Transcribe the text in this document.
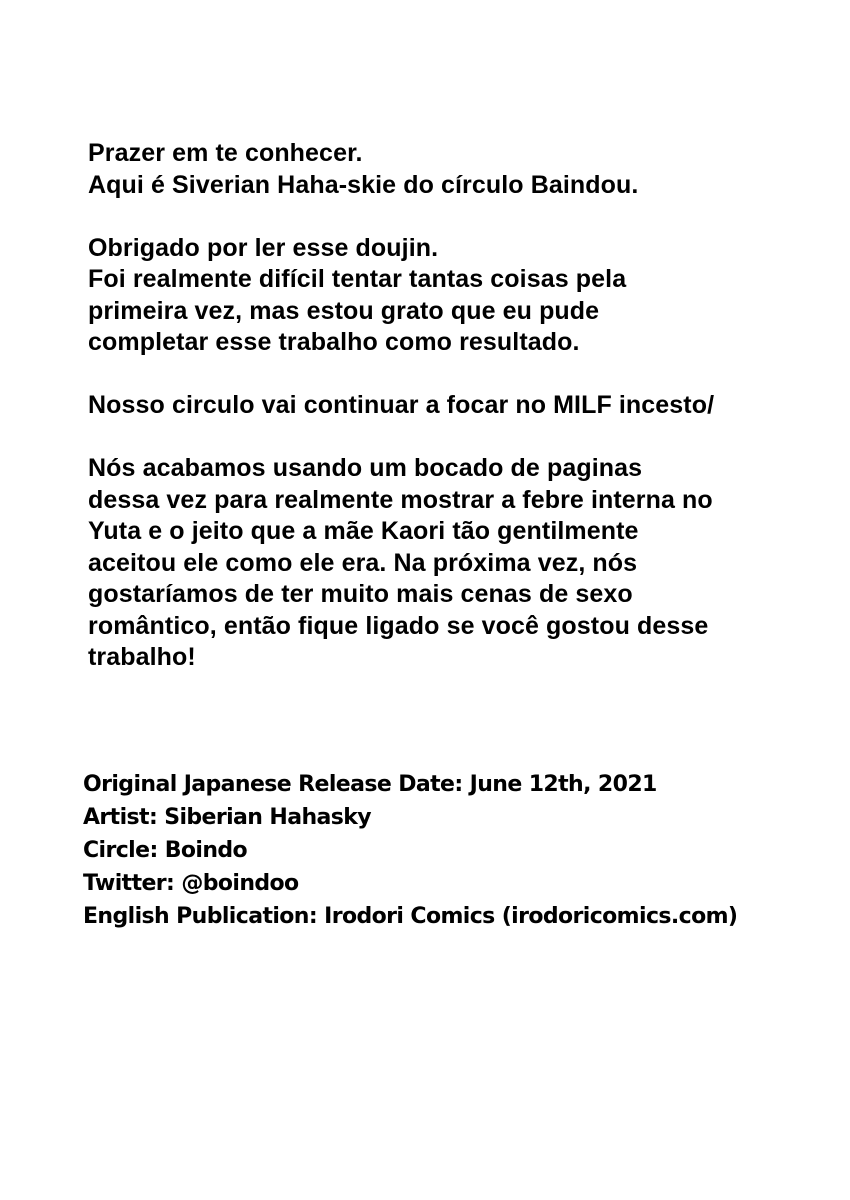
Prazer em te conhecer.
Aqui é Siverian Haha-skie do círculo Baindou.

Obrigado por ler esse doujin.
Foi realmente difícil tentar tantas coisas pela
primeira vez, mas estou grato que eu pude
completar esse trabalho como resultado.

Nosso circulo vai continuar a focar no MILF incesto/

Nós acabamos usando um bocado de paginas
dessa vez para realmente mostrar a febre interna no
Yuta e o jeito que a mãe Kaori tão gentilmente
aceitou ele como ele era. Na próxima vez, nós
gostaríamos de ter muito mais cenas de sexo
romântico, então fique ligado se você gostou desse
trabalho!

Original Japanese Release Date: June 12th, 2021
Artist: Siberian Hahasky
Circle: Boindo
Twitter: @boindoo
English Publication: Irodori Comics (irodoricomics.com)
